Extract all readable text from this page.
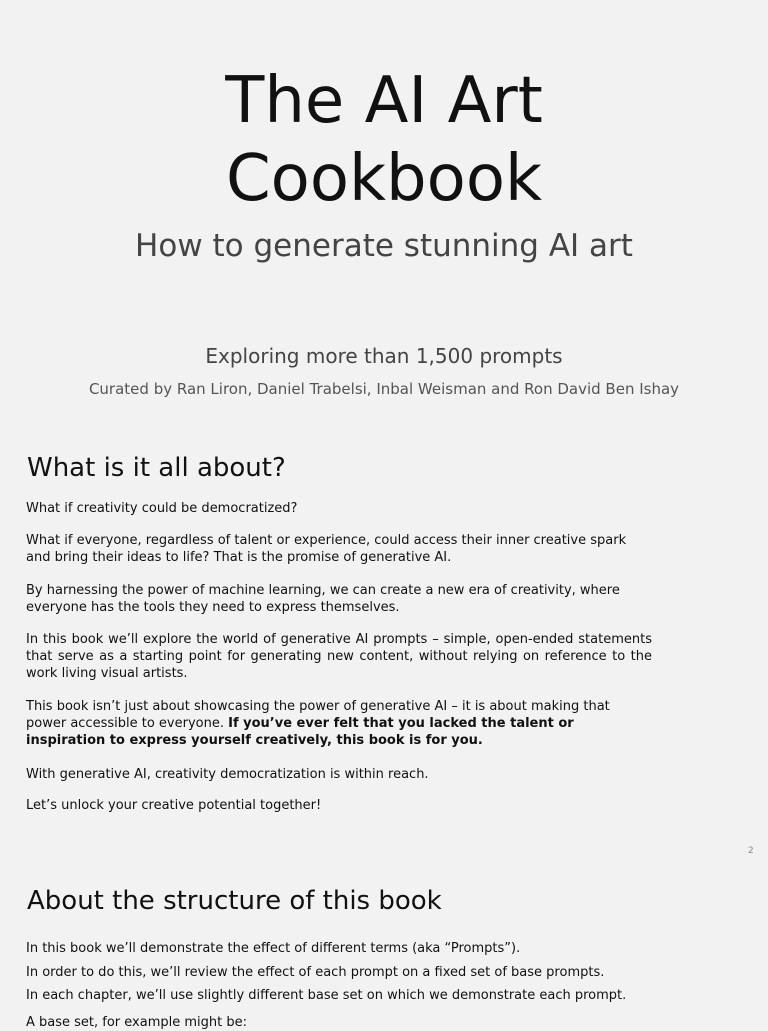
The AI Art
Cookbook
How to generate stunning AI art
Exploring more than 1,500 prompts
Curated by Ran Liron, Daniel Trabelsi, Inbal Weisman and Ron David Ben Ishay
What is it all about?

What if creativity could be democratized?

What if everyone, regardless of talent or experience, could access their inner creative spark and bring their ideas to life? That is the promise of generative AI.

By harnessing the power of machine learning, we can create a new era of creativity, where everyone has the tools they need to express themselves.

In this book we’ll explore the world of generative AI prompts – simple, open-ended statements that serve as a starting point for generating new content, without relying on reference to the work living visual artists.

This book isn’t just about showcasing the power of generative AI – it is about making that power accessible to everyone. If you’ve ever felt that you lacked the talent or inspiration to express yourself creatively, this book is for you.

With generative AI, creativity democratization is within reach.

Let’s unlock your creative potential together!

2
About the structure of this book
In this book we’ll demonstrate the effect of different terms (aka “Prompts”).
In order to do this, we’ll review the effect of each prompt on a fixed set of base prompts.
In each chapter, we’ll use slightly different base set on which we demonstrate each prompt.
A base set, for example might be:
